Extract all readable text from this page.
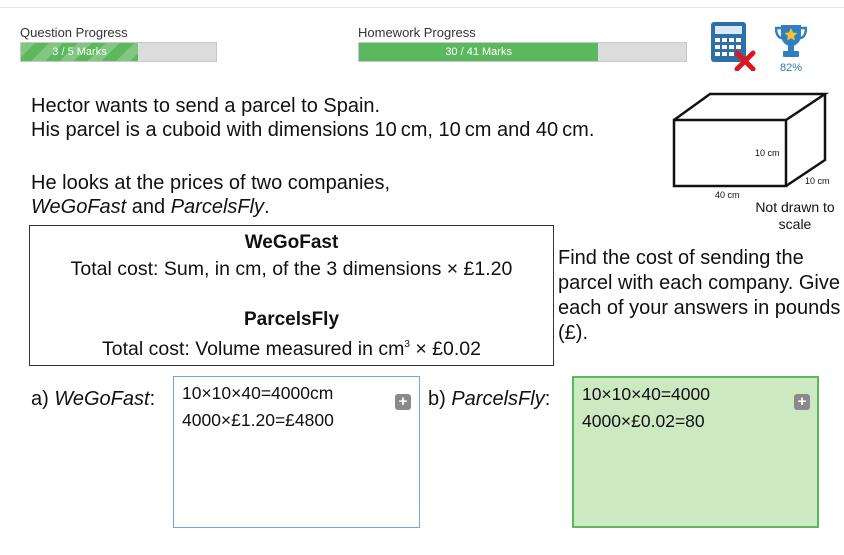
Question Progress
3 / 5 Marks
Homework Progress
30 / 41 Marks
82%
Hector wants to send a parcel to Spain.
His parcel is a cuboid with dimensions 10 cm, 10 cm and 40 cm.
He looks at the prices of two companies,
WeGoFast and ParcelsFly.
10 cm
10 cm
40 cm
Not drawn to scale
WeGoFast
Total cost: Sum, in cm, of the 3 dimensions × £1.20
ParcelsFly
Total cost: Volume measured in $cm^3$ × £0.02
Find the cost of sending the parcel with each company. Give each of your answers in pounds (£).
a) WeGoFast: 10×10×40=4000cm
4000×£1.20=£4800
+ b) ParcelsFly: 10×10×40=4000
4000×£0.02=80
+
